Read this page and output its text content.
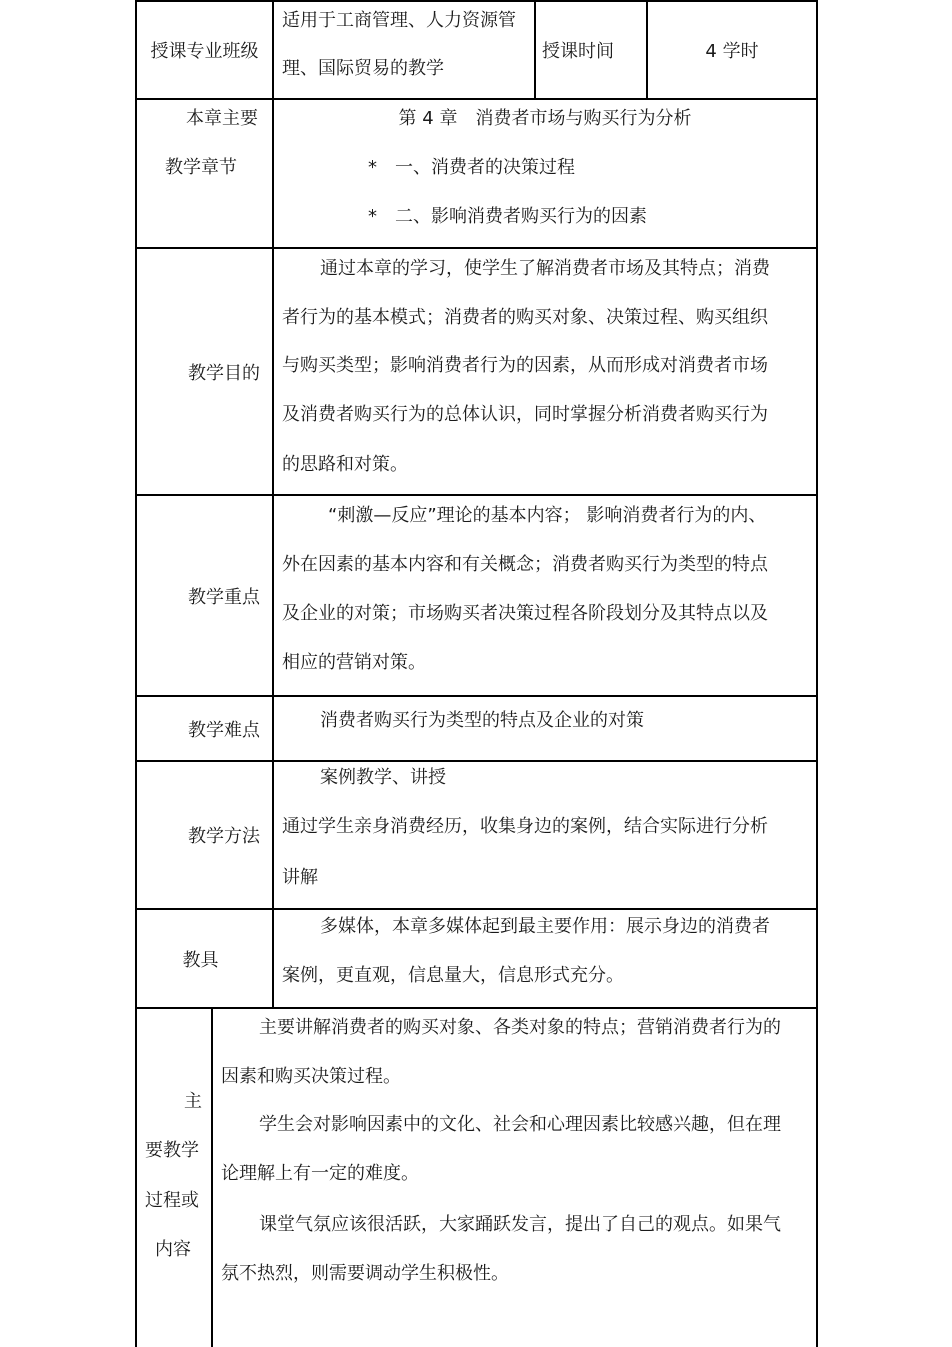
授课专业班级
适用于工商管理、人力资源管
理、国际贸易的教学
授课时间	4 学时
本章主要
教学章节
第 4 章　消费者市场与购买行为分析
*　一、消费者的决策过程
*　二、影响消费者购买行为的因素
教学目的
通过本章的学习，使学生了解消费者市场及其特点；消费
者行为的基本模式；消费者的购买对象、决策过程、购买组织
与购买类型；影响消费者行为的因素，从而形成对消费者市场
及消费者购买行为的总体认识，同时掌握分析消费者购买行为
的思路和对策。
教学重点
“刺激—反应”理论的基本内容； 影响消费者行为的内、
外在因素的基本内容和有关概念；消费者购买行为类型的特点
及企业的对策；市场购买者决策过程各阶段划分及其特点以及
相应的营销对策。
教学难点	消费者购买行为类型的特点及企业的对策
教学方法
案例教学、讲授
通过学生亲身消费经历，收集身边的案例，结合实际进行分析
讲解
教具
多媒体，本章多媒体起到最主要作用：展示身边的消费者
案例，更直观，信息量大，信息形式充分。
主
要教学
过程或
内容
主要讲解消费者的购买对象、各类对象的特点；营销消费者行为的
因素和购买决策过程。
学生会对影响因素中的文化、社会和心理因素比较感兴趣，但在理
论理解上有一定的难度。
课堂气氛应该很活跃，大家踊跃发言，提出了自己的观点。如果气
氛不热烈，则需要调动学生积极性。
